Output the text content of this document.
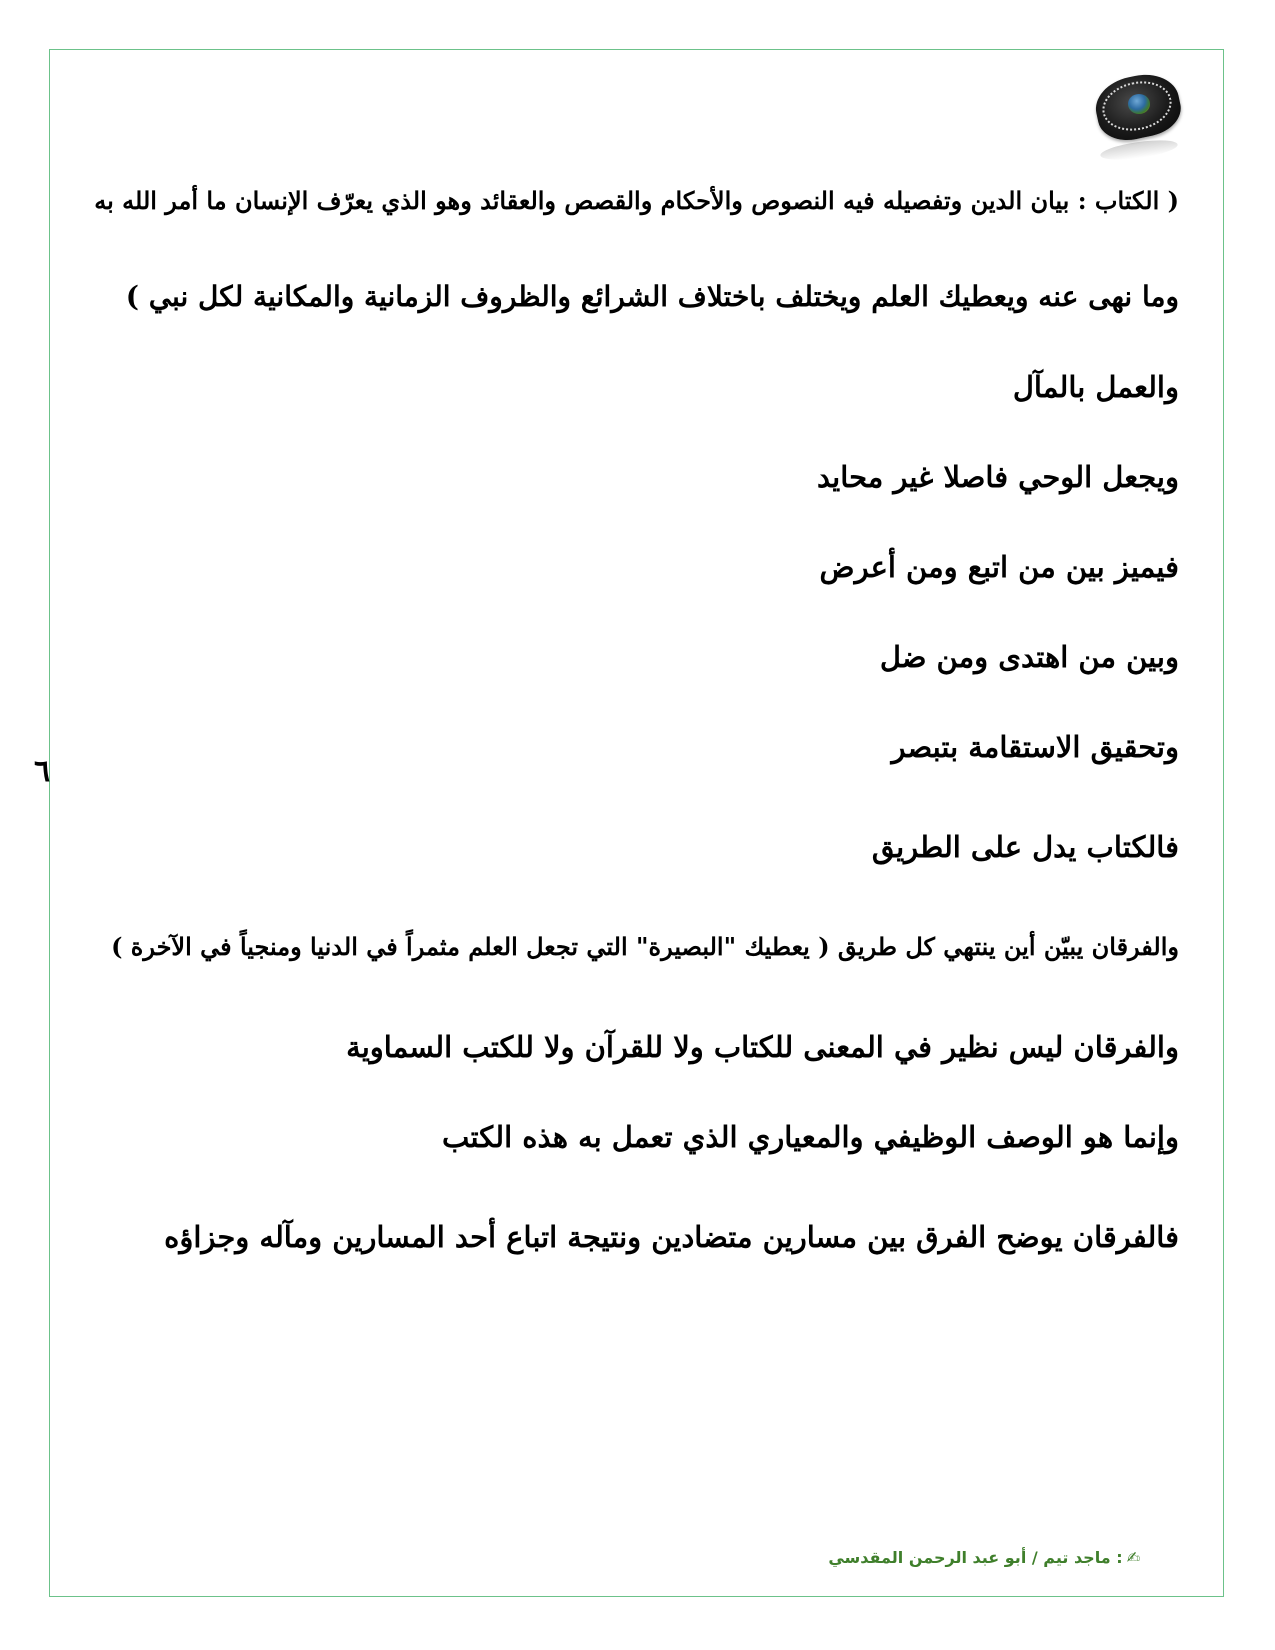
( الكتاب : بيان الدين وتفصيله فيه النصوص والأحكام والقصص والعقائد وهو الذي يعرّف الإنسان ما أمر الله به
وما نهى عنه ويعطيك العلم ويختلف باختلاف الشرائع والظروف الزمانية والمكانية لكل نبي )
والعمل بالمآل
ويجعل الوحي فاصلا غير محايد
فيميز بين من اتبع ومن أعرض
وبين من اهتدى ومن ضل
وتحقيق الاستقامة بتبصر
فالكتاب يدل على الطريق
والفرقان يبيّن أين ينتهي كل طريق ( يعطيك "البصيرة" التي تجعل العلم مثمراً في الدنيا ومنجياً في الآخرة )
والفرقان ليس نظير في المعنى للكتاب ولا للقرآن ولا للكتب السماوية
وإنما هو الوصف الوظيفي والمعياري الذي تعمل به هذه الكتب
فالفرقان يوضح الفرق بين مسارين متضادين ونتيجة اتباع أحد المسارين ومآله وجزاؤه
٦
✍: ماجد تيم / أبو عبد الرحمن المقدسي
